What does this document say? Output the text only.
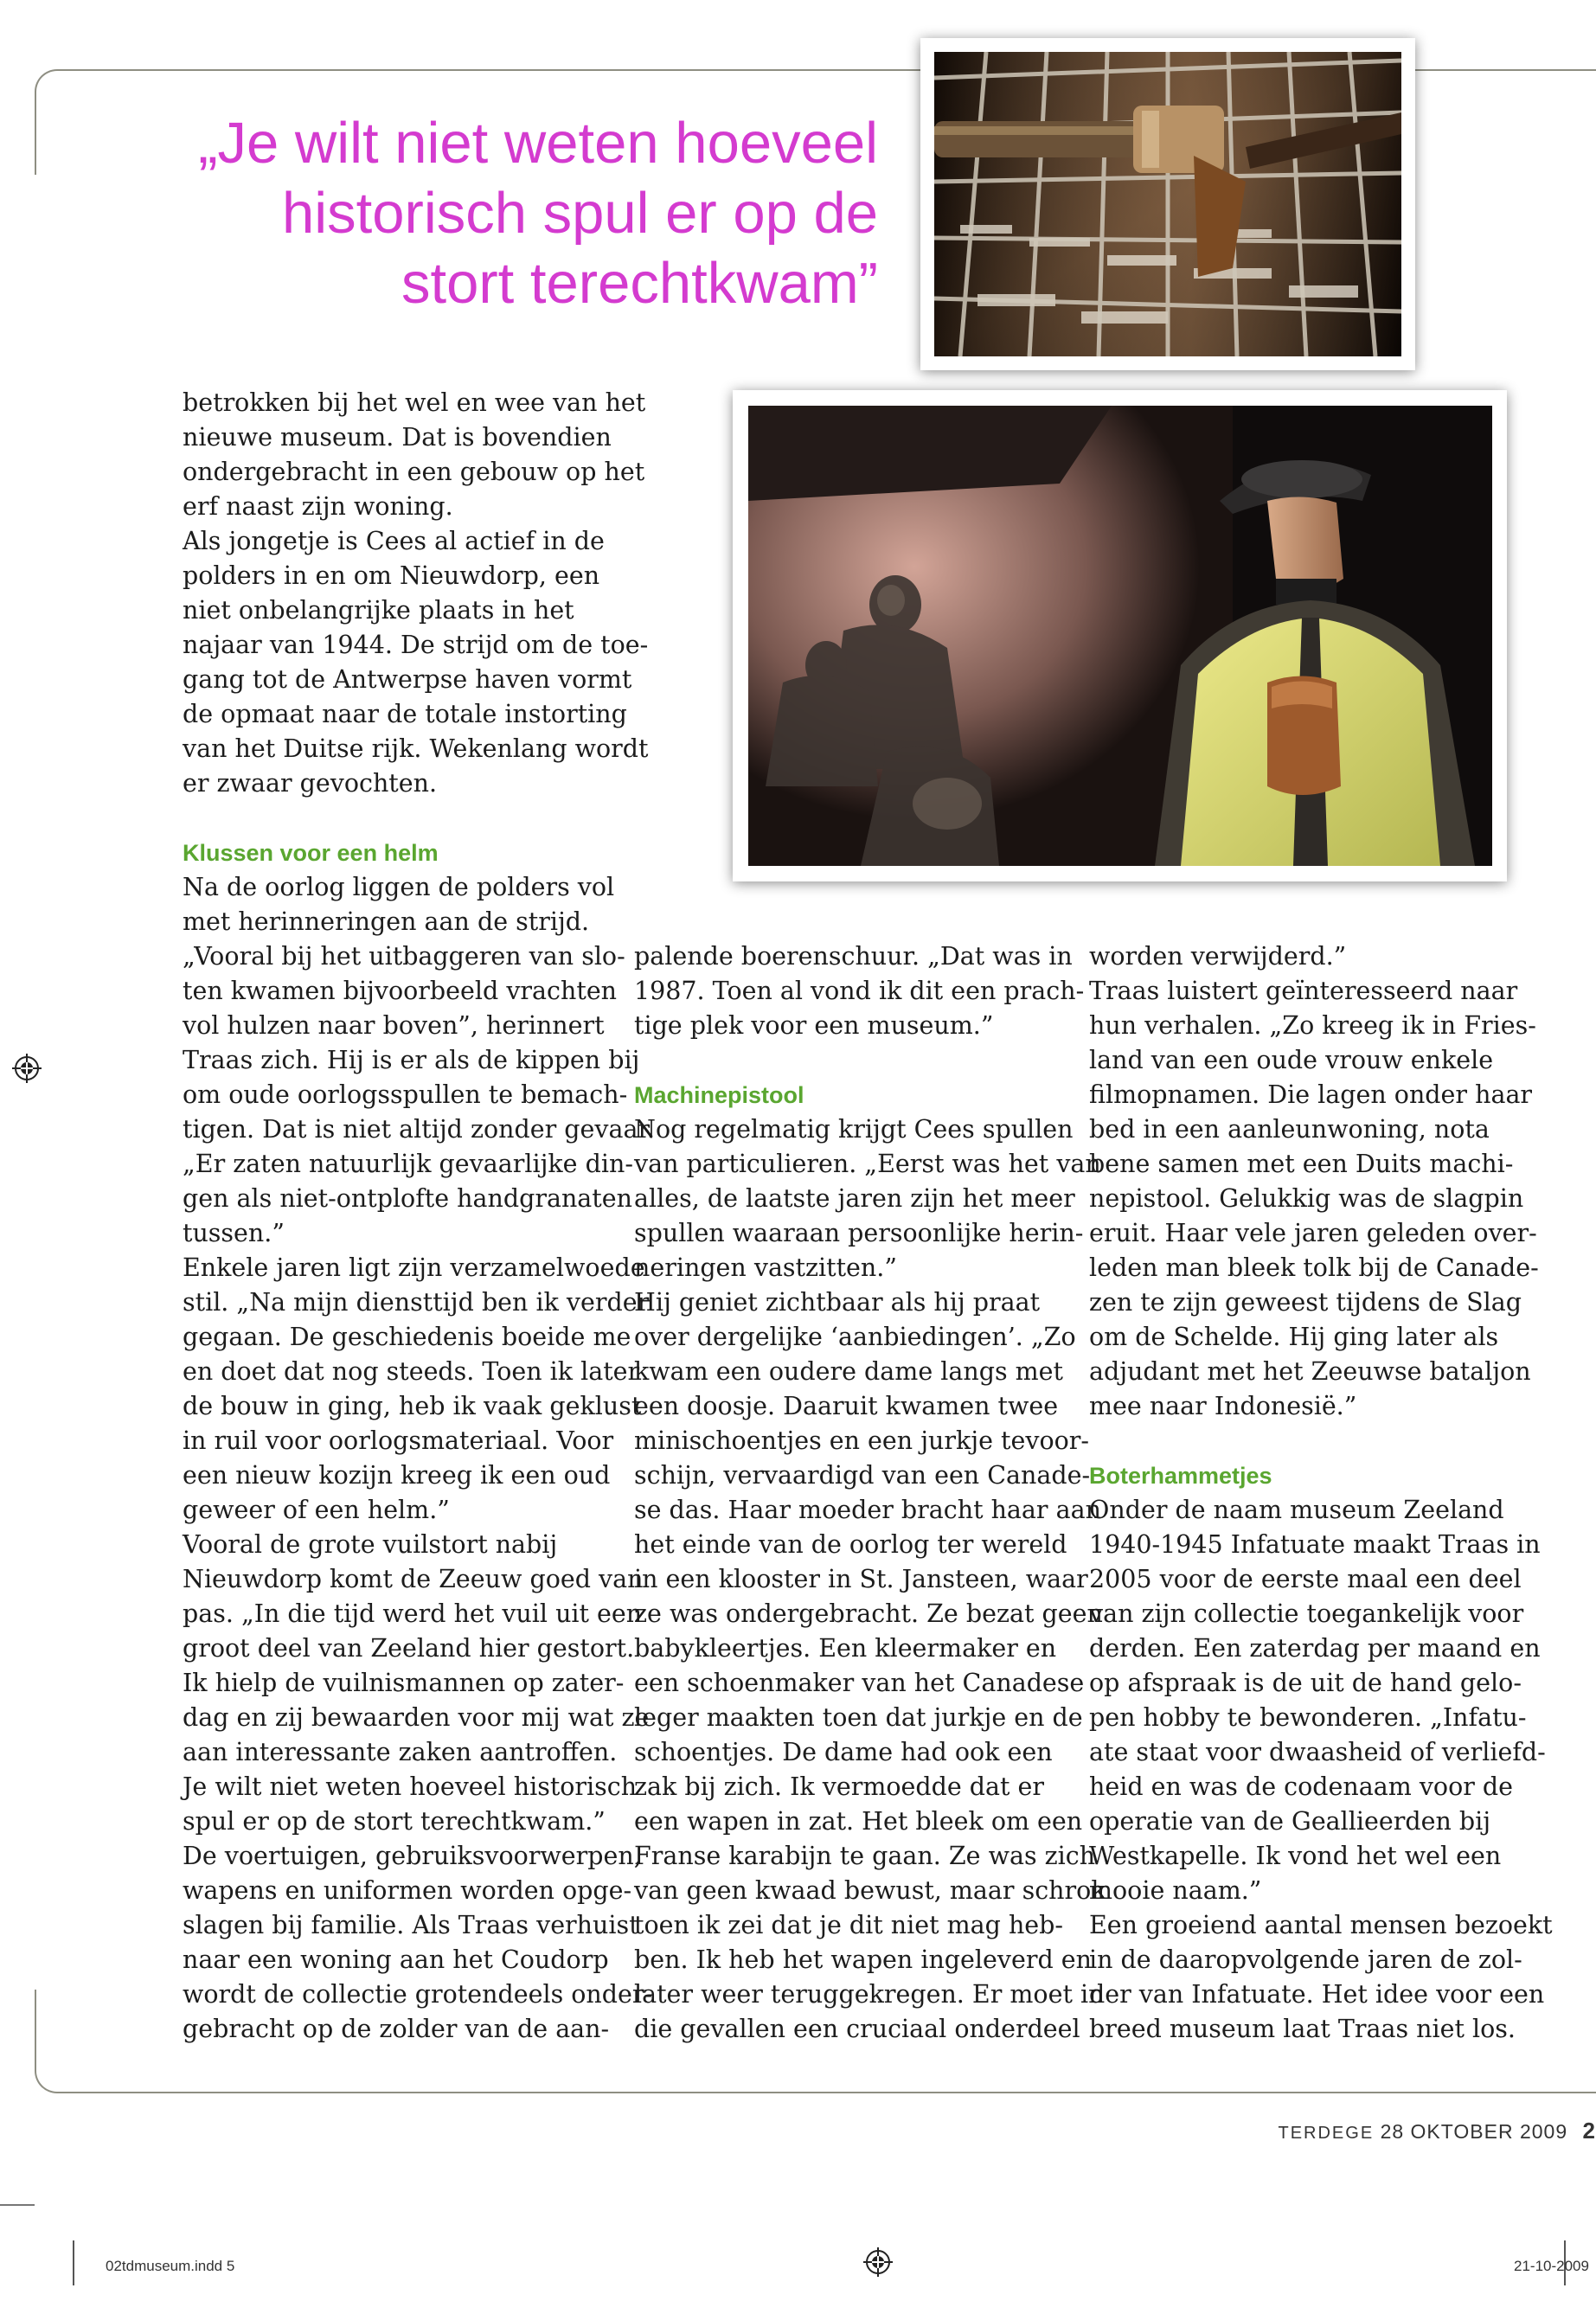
„Je wilt niet weten hoeveel
historisch spul er op de
stort terechtkwam”
betrokken bij het wel en wee van het
nieuwe museum. Dat is bovendien
ondergebracht in een gebouw op het
erf naast zijn woning.
Als jongetje is Cees al actief in de
polders in en om Nieuwdorp, een
niet onbelangrijke plaats in het
najaar van 1944. De strijd om de toe-
gang tot de Antwerpse haven vormt
de opmaat naar de totale instorting
van het Duitse rijk. Wekenlang wordt
er zwaar gevochten.
Klussen voor een helm
Na de oorlog liggen de polders vol
met herinneringen aan de strijd.
„Vooral bij het uitbaggeren van slo-
ten kwamen bijvoorbeeld vrachten
vol hulzen naar boven”, herinnert
Traas zich. Hij is er als de kippen bij
om oude oorlogsspullen te bemach-
tigen. Dat is niet altijd zonder gevaar.
„Er zaten natuurlijk gevaarlijke din-
gen als niet-ontplofte handgranaten
tussen.”
Enkele jaren ligt zijn verzamelwoede
stil. „Na mijn diensttijd ben ik verder
gegaan. De geschiedenis boeide me
en doet dat nog steeds. Toen ik later
de bouw in ging, heb ik vaak geklust
in ruil voor oorlogsmateriaal. Voor
een nieuw kozijn kreeg ik een oud
geweer of een helm.”
Vooral de grote vuilstort nabij
Nieuwdorp komt de Zeeuw goed van
pas. „In die tijd werd het vuil uit een
groot deel van Zeeland hier gestort.
Ik hielp de vuilnismannen op zater-
dag en zij bewaarden voor mij wat ze
aan interessante zaken aantroffen.
Je wilt niet weten hoeveel historisch
spul er op de stort terechtkwam.”
De voertuigen, gebruiksvoorwerpen,
wapens en uniformen worden opge-
slagen bij familie. Als Traas verhuist
naar een woning aan het Coudorp
wordt de collectie grotendeels onder-
gebracht op de zolder van de aan-
palende boerenschuur. „Dat was in
1987. Toen al vond ik dit een prach-
tige plek voor een museum.”
Machinepistool
Nog regelmatig krijgt Cees spullen
van particulieren. „Eerst was het van
alles, de laatste jaren zijn het meer
spullen waaraan persoonlijke herin-
neringen vastzitten.”
Hij geniet zichtbaar als hij praat
over dergelijke ‘aanbiedingen’. „Zo
kwam een oudere dame langs met
een doosje. Daaruit kwamen twee
minischoentjes en een jurkje tevoor-
schijn, vervaardigd van een Canade-
se das. Haar moeder bracht haar aan
het einde van de oorlog ter wereld
in een klooster in St. Jansteen, waar
ze was ondergebracht. Ze bezat geen
babykleertjes. Een kleermaker en
een schoenmaker van het Canadese
leger maakten toen dat jurkje en de
schoentjes. De dame had ook een
zak bij zich. Ik vermoedde dat er
een wapen in zat. Het bleek om een
Franse karabijn te gaan. Ze was zich
van geen kwaad bewust, maar schrok
toen ik zei dat je dit niet mag heb-
ben. Ik heb het wapen ingeleverd en
later weer teruggekregen. Er moet in
die gevallen een cruciaal onderdeel
worden verwijderd.”
Traas luistert geïnteresseerd naar
hun verhalen. „Zo kreeg ik in Fries-
land van een oude vrouw enkele
filmopnamen. Die lagen onder haar
bed in een aanleunwoning, nota
bene samen met een Duits machi-
nepistool. Gelukkig was de slagpin
eruit. Haar vele jaren geleden over-
leden man bleek tolk bij de Canade-
zen te zijn geweest tijdens de Slag
om de Schelde. Hij ging later als
adjudant met het Zeeuwse bataljon
mee naar Indonesië.”
Boterhammetjes
Onder de naam museum Zeeland
1940-1945 Infatuate maakt Traas in
2005 voor de eerste maal een deel
van zijn collectie toegankelijk voor
derden. Een zaterdag per maand en
op afspraak is de uit de hand gelo-
pen hobby te bewonderen. „Infatu-
ate staat voor dwaasheid of verliefd-
heid en was de codenaam voor de
operatie van de Geallieerden bij
Westkapelle. Ik vond het wel een
mooie naam.”
Een groeiend aantal mensen bezoekt
in de daaropvolgende jaren de zol-
der van Infatuate. Het idee voor een
breed museum laat Traas niet los.
TERDEGE 28 OKTOBER 2009 2
02tdmuseum.indd 5	21-10-2009
